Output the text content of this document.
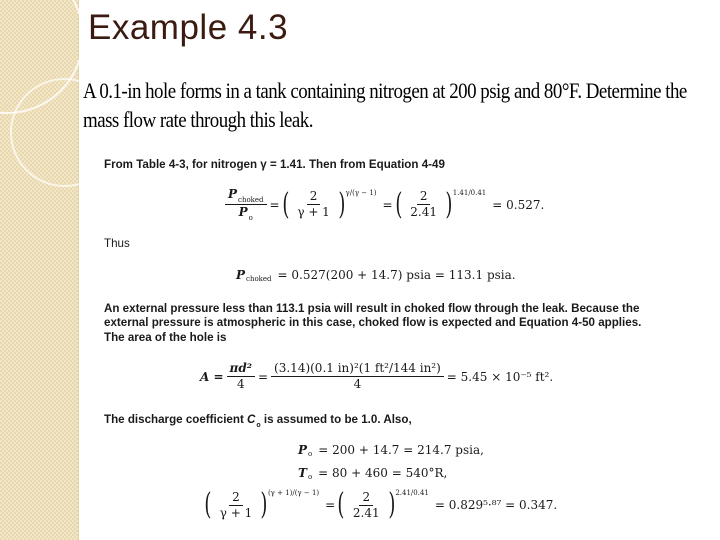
Example 4.3
A 0.1-in hole forms in a tank containing nitrogen at 200 psig and 80°F. Determine the mass flow rate through this leak.
From Table 4-3, for nitrogen γ = 1.41. Then from Equation 4-49
$\frac{P_{choked}}{P_o}$ = ( $\frac{2}{\gamma + 1}$ ) γ/(γ − 1)
= ( $\frac{2}{2.41}$ ) 1.41/0.41
= 0.527.
Thus
P choked = 0.527(200 + 14.7) psia = 113.1 psia.
An external pressure less than 113.1 psia will result in choked flow through the leak. Because the
external pressure is atmospheric in this case, choked flow is expected and Equation 4-50 applies.
The area of the hole is
$A = \frac{\text{πd²}}{4} = \frac{\text{(3.14)(0.1 in)²(1 ft²/144 in²)}}{4} = 5.45 \times 10^{-5}$ ft².
The discharge coefficient $C_o$ is assumed to be 1.0. Also,
P o = 200 + 14.7 = 214.7 psia,
T o = 80 + 460 = 540°R,
( $\frac{2}{\gamma + 1}$ ) (γ + 1)/(γ − 1)
= ( $\frac{2}{2.41}$ ) 2.41/0.41
= 0.829⁵·⁸⁷ = 0.347.
